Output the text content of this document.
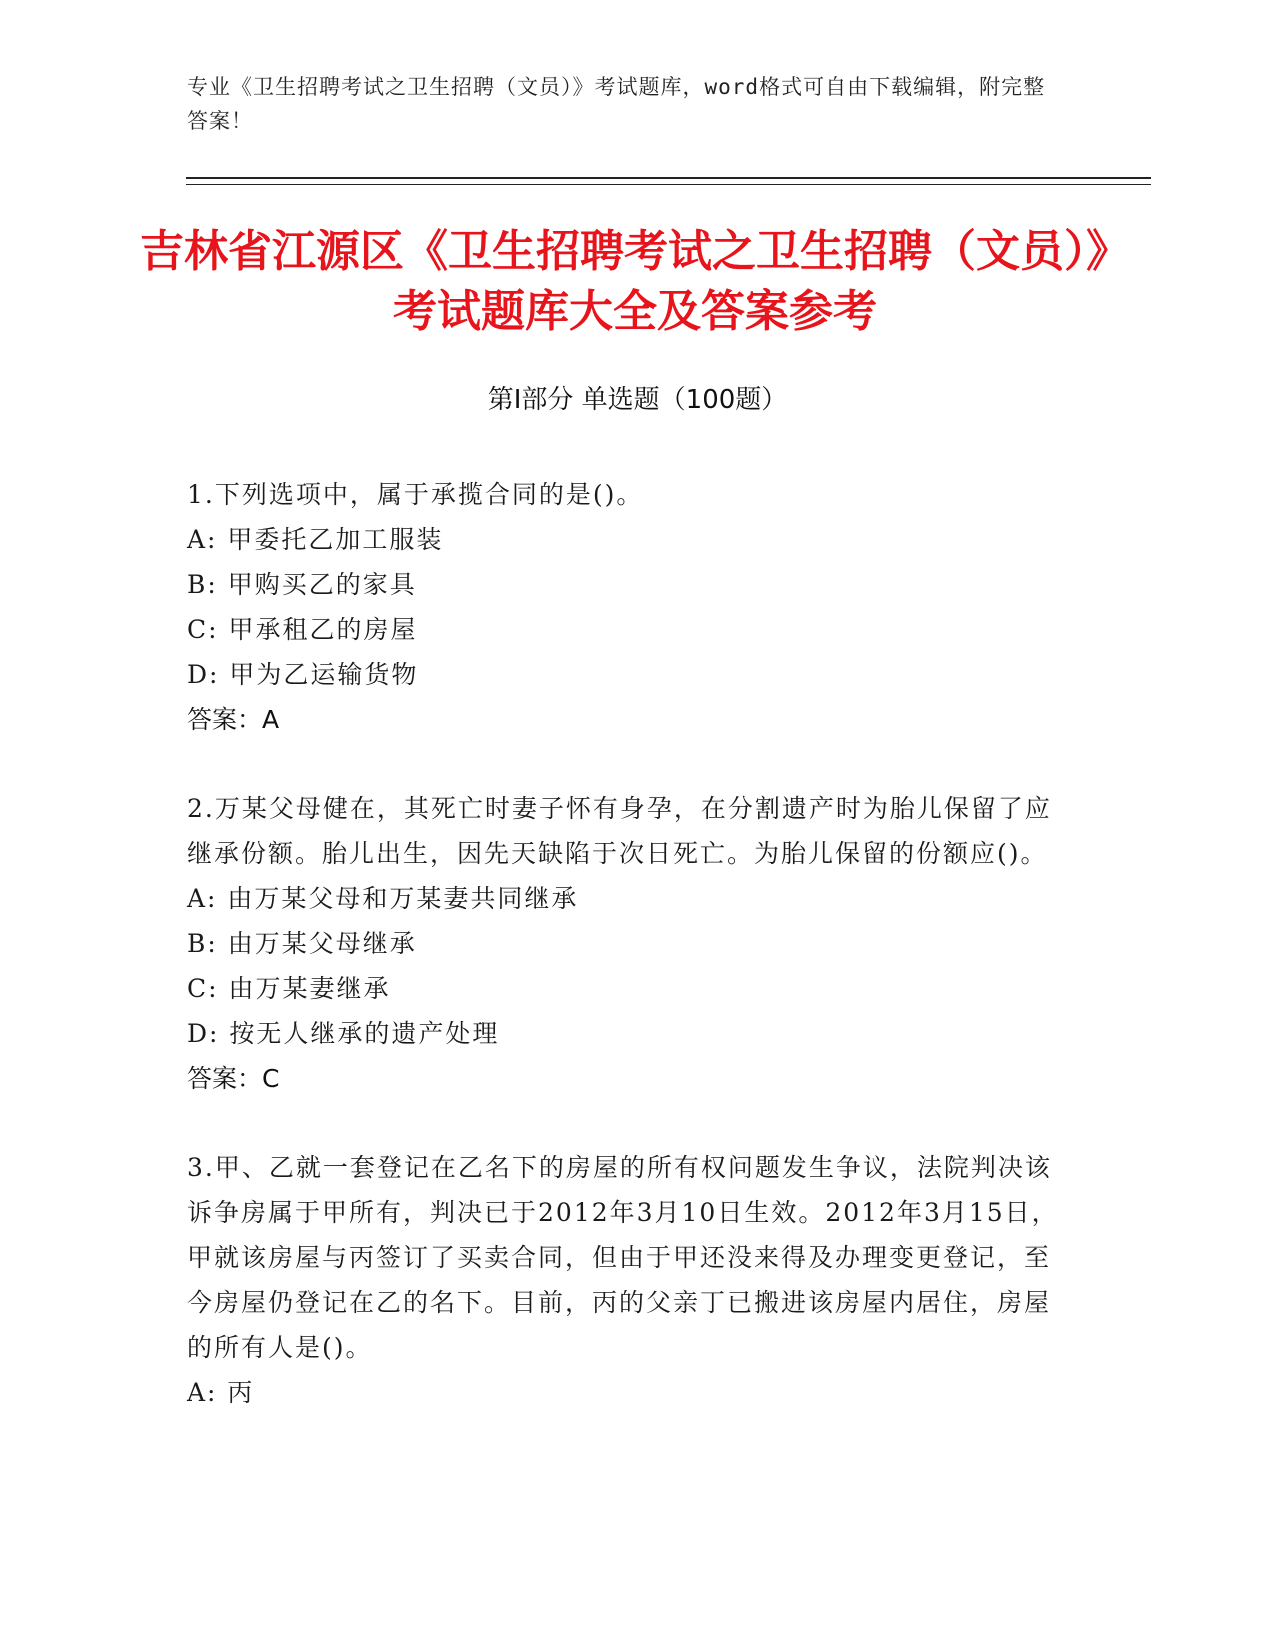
专业《卫生招聘考试之卫生招聘（文员）》考试题库，word格式可自由下载编辑，附完整答案！
吉林省江源区《卫生招聘考试之卫生招聘（文员）》考试题库大全及答案参考
第Ⅰ部分 单选题（100题）
1.下列选项中，属于承揽合同的是()。
A: 甲委托乙加工服装
B: 甲购买乙的家具
C: 甲承租乙的房屋
D: 甲为乙运输货物
答案：A
2.万某父母健在，其死亡时妻子怀有身孕，在分割遗产时为胎儿保留了应继承份额。胎儿出生，因先天缺陷于次日死亡。为胎儿保留的份额应()。
A: 由万某父母和万某妻共同继承
B: 由万某父母继承
C: 由万某妻继承
D: 按无人继承的遗产处理
答案：C
3.甲、乙就一套登记在乙名下的房屋的所有权问题发生争议，法院判决该诉争房属于甲所有，判决已于2012年3月10日生效。2012年3月15日，甲就该房屋与丙签订了买卖合同，但由于甲还没来得及办理变更登记，至今房屋仍登记在乙的名下。目前，丙的父亲丁已搬进该房屋内居住，房屋的所有人是()。
A: 丙
